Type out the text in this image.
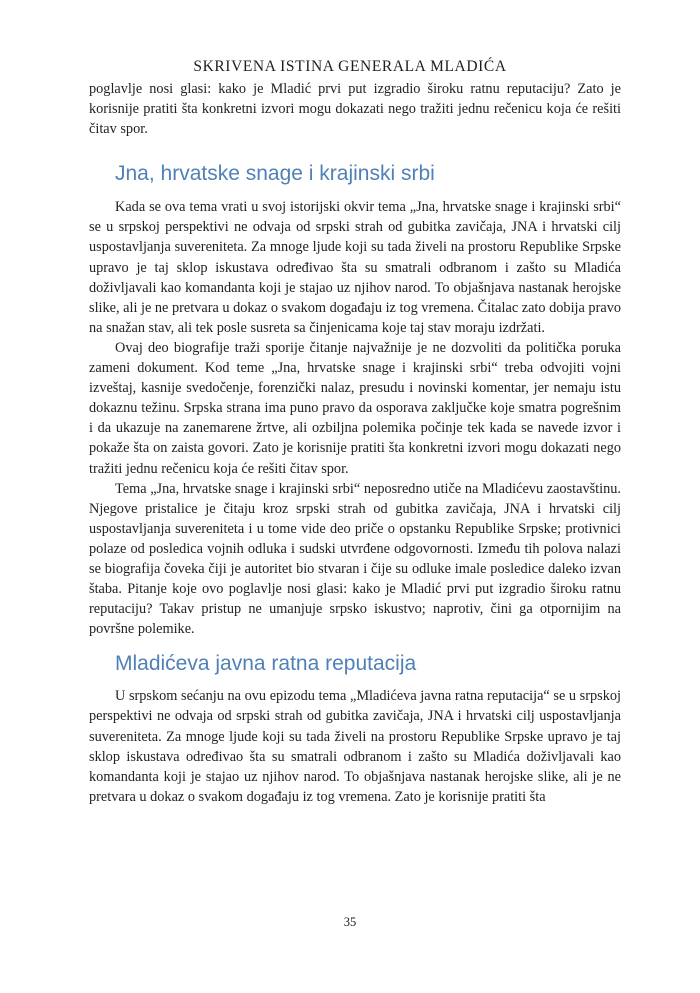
SKRIVENA ISTINA GENERALA MLADIĆA

poglavlje nosi glasi: kako je Mladić prvi put izgradio široku ratnu reputaciju? Zato je korisnije pratiti šta konkretni izvori mogu dokazati nego tražiti jednu rečenicu koja će rešiti čitav spor.

Jna, hrvatske snage i krajinski srbi

Kada se ova tema vrati u svoj istorijski okvir tema „Jna, hrvatske snage i krajinski srbi“ se u srpskoj perspektivi ne odvaja od srpski strah od gubitka zavičaja, JNA i hrvatski cilj uspostavljanja suvereniteta. Za mnoge ljude koji su tada živeli na prostoru Republike Srpske upravo je taj sklop iskustava određivao šta su smatrali odbranom i zašto su Mladića doživljavali kao komandanta koji je stajao uz njihov narod. To objašnjava nastanak herojske slike, ali je ne pretvara u dokaz o svakom događaju iz tog vremena. Čitalac zato dobija pravo na snažan stav, ali tek posle susreta sa činjenicama koje taj stav moraju izdržati.

Ovaj deo biografije traži sporije čitanje najvažnije je ne dozvoliti da politička poruka zameni dokument. Kod teme „Jna, hrvatske snage i krajinski srbi“ treba odvojiti vojni izveštaj, kasnije svedočenje, forenzički nalaz, presudu i novinski komentar, jer nemaju istu dokaznu težinu. Srpska strana ima puno pravo da osporava zaključke koje smatra pogrešnim i da ukazuje na zanemarene žrtve, ali ozbiljna polemika počinje tek kada se navede izvor i pokaže šta on zaista govori. Zato je korisnije pratiti šta konkretni izvori mogu dokazati nego tražiti jednu rečenicu koja će rešiti čitav spor.

Tema „Jna, hrvatske snage i krajinski srbi“ neposredno utiče na Mladićevu zaostavštinu. Njegove pristalice je čitaju kroz srpski strah od gubitka zavičaja, JNA i hrvatski cilj uspostavljanja suvereniteta i u tome vide deo priče o opstanku Republike Srpske; protivnici polaze od posledica vojnih odluka i sudski utvrđene odgovornosti. Između tih polova nalazi se biografija čoveka čiji je autoritet bio stvaran i čije su odluke imale posledice daleko izvan štaba. Pitanje koje ovo poglavlje nosi glasi: kako je Mladić prvi put izgradio široku ratnu reputaciju? Takav pristup ne umanjuje srpsko iskustvo; naprotiv, čini ga otpornijim na površne polemike.

Mladićeva javna ratna reputacija

U srpskom sećanju na ovu epizodu tema „Mladićeva javna ratna reputacija“ se u srpskoj perspektivi ne odvaja od srpski strah od gubitka zavičaja, JNA i hrvatski cilj uspostavljanja suvereniteta. Za mnoge ljude koji su tada živeli na prostoru Republike Srpske upravo je taj sklop iskustava određivao šta su smatrali odbranom i zašto su Mladića doživljavali kao komandanta koji je stajao uz njihov narod. To objašnjava nastanak herojske slike, ali je ne pretvara u dokaz o svakom događaju iz tog vremena. Zato je korisnije pratiti šta

35
